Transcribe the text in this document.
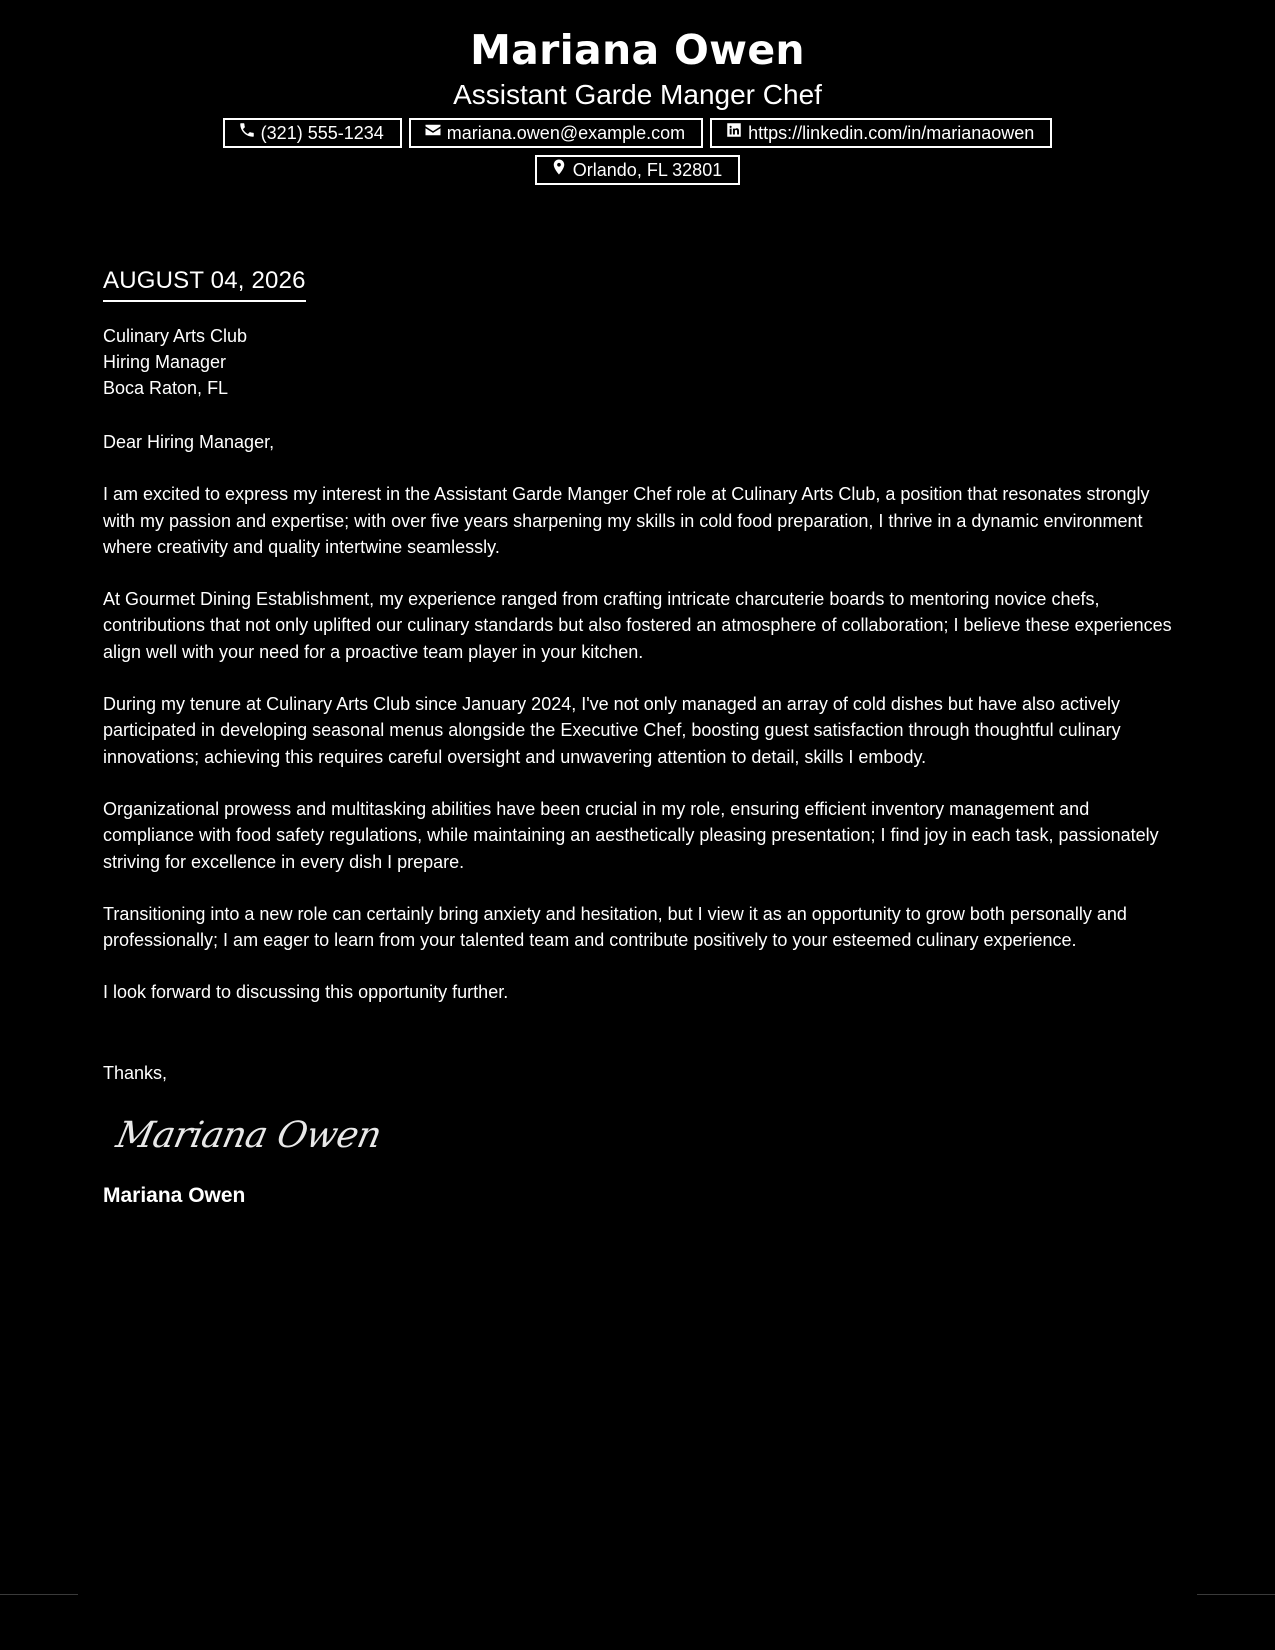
Mariana Owen
Assistant Garde Manger Chef
(321) 555-1234	mariana.owen@example.com	https://linkedin.com/in/marianaowen
Orlando, FL 32801
AUGUST 04, 2026
Culinary Arts Club
Hiring Manager
Boca Raton, FL
Dear Hiring Manager,

I am excited to express my interest in the Assistant Garde Manger Chef role at Culinary Arts Club, a position that resonates strongly with my passion and expertise; with over five years sharpening my skills in cold food preparation, I thrive in a dynamic environment where creativity and quality intertwine seamlessly.

At Gourmet Dining Establishment, my experience ranged from crafting intricate charcuterie boards to mentoring novice chefs, contributions that not only uplifted our culinary standards but also fostered an atmosphere of collaboration; I believe these experiences align well with your need for a proactive team player in your kitchen.

During my tenure at Culinary Arts Club since January 2024, I've not only managed an array of cold dishes but have also actively participated in developing seasonal menus alongside the Executive Chef, boosting guest satisfaction through thoughtful culinary innovations; achieving this requires careful oversight and unwavering attention to detail, skills I embody.

Organizational prowess and multitasking abilities have been crucial in my role, ensuring efficient inventory management and compliance with food safety regulations, while maintaining an aesthetically pleasing presentation; I find joy in each task, passionately striving for excellence in every dish I prepare.

Transitioning into a new role can certainly bring anxiety and hesitation, but I view it as an opportunity to grow both personally and professionally; I am eager to learn from your talented team and contribute positively to your esteemed culinary experience.

I look forward to discussing this opportunity further.
Thanks,
Mariana Owen
Mariana Owen
